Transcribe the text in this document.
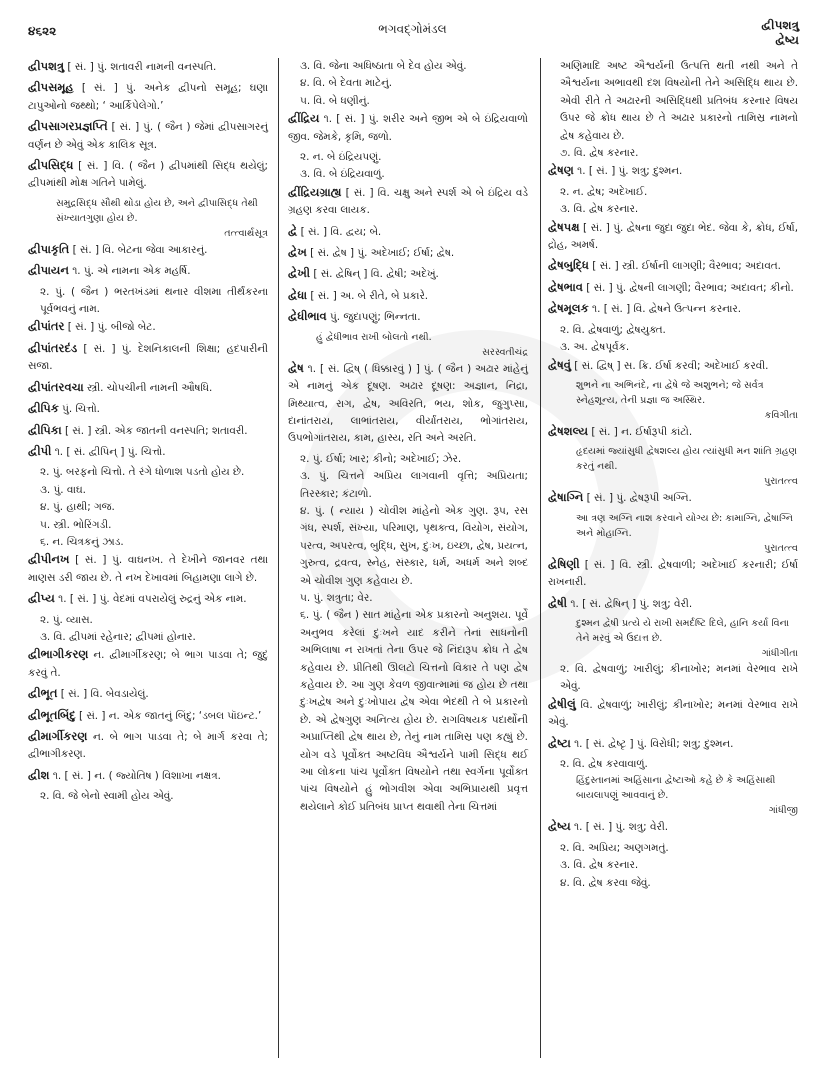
૪૬૨૨	ભગવદ્ગોમંડલ	દ્વીપશત્રુ
દ્વેષ્ય
દ્વીપશત્રુ [ સં. ] પું. શતાવરી નામની વનસ્પતિ.
દ્વીપસમૂહ [ સં. ] પું. અનેક દ્વીપનો સમૂહ; ઘણા ટાપુઓનો જથ્થો; ‘ આર્કિપેલેગો.’
દ્વીપસાગરપ્રજ્ઞપ્તિ [ સં. ] પું. ( જૈન ) જેમાં દ્વીપસાગરનું વર્ણન છે એવું એક કાલિક સૂત્ર.
દ્વીપસિદ્ધ [ સં. ] વિ. ( જૈન ) દ્વીપમાંથી સિદ્ધ થયેલું; દ્વીપમાંથી મોક્ષ ગતિને પામેલું.
સમુદ્રસિદ્ધ સૌથી થોડા હોય છે, અને દ્વીપાસિદ્ધ તેથી સંખ્યાતગુણા હોય છે.
તત્ત્વાર્થસૂત્ર
દ્વીપાકૃતિ [ સં. ] વિ. બેટના જેવા આકારનું.
દ્વીપાયન ૧. પું. એ નામના એક મહર્ષિ.
૨. પું. ( જૈન ) ભરતખંડમાં થનાર વીશમા તીર્થંકરના પૂર્વભવનું નામ.
દ્વીપાંતર [ સં. ] પું. બીજો બેટ.
દ્વીપાંતરદંડ [ સં. ] પું. દેશનિકાલની શિક્ષા; હદપારીની સજા.
દ્વીપાંતરવચા સ્ત્રી. ચોપચીની નામની ઔષધિ.
દ્વીપિક પું. ચિત્તો.
દ્વીપિકા [ સં. ] સ્ત્રી. એક જાતની વનસ્પતિ; શતાવરી.
દ્વીપી ૧. [ સં. દ્વીપિન્ ] પું. ચિત્તો.
૨. પું. બરફનો ચિત્તો. તે રંગે ધોળાશ પડતો હોય છે.
૩. પું. વાઘ.
૪. પું. હાથી; ગજ.
૫. સ્ત્રી. ભોરિંગડી.
૬. ન. ચિત્રકનું ઝાડ.
દ્વીપીનખ [ સં. ] પું. વાઘનખ. તે દેખીને જાનવર તથા માણસ ડરી જાય છે. તે નખ દેખાવમાં બિહામણા લાગે છે.
દ્વીપ્ય ૧. [ સં. ] પું. વેદમાં વપરાયેલું રુદ્રનું એક નામ.
૨. પું. વ્યાસ.
૩. વિ. દ્વીપમાં રહેનાર; દ્વીપમાં હોનાર.
દ્વીભાગીકરણ ન. દ્વીમાર્ગીકરણ; બે ભાગ પાડવા તે; જુદું કરવું તે.
દ્વીભૂત [ સં. ] વિ. બેવડાયેલું.
દ્વીભૂતબિંદુ [ સં. ] ન. એક જાતનું બિંદુ; ‘ડબલ પૉઇન્ટ.’
દ્વીમાર્ગીકરણ ન. બે ભાગ પાડવા તે; બે માર્ગ કરવા તે; દ્વીભાગીકરણ.
દ્વીશ ૧. [ સં. ] ન. ( જ્યોતિષ ) વિશાખા નક્ષત્ર.
૨. વિ. જે બેનો સ્વામી હોય એવું.
૩. વિ. જેના અધિષ્ઠાતા બે દેવ હોય એવું.
૪. વિ. બે દેવતા માટેનું.
૫. વિ. બે ધણીનું.
દ્વીંદ્રિય ૧. [ સં. ] પું. શરીર અને જીભ એ બે ઇંદ્રિયવાળો જીવ. જેમકે, કૃમિ, જળો.
૨. ન. બે ઇંદ્રિયપણું.
૩. વિ. બે ઇંદ્રિયવાળું.
દ્વીંદ્રિયગ્રાહ્ય [ સં. ] વિ. ચક્ષુ અને સ્પર્શ એ બે ઇંદ્રિય વડે ગ્રહણ કરવા લાયક.
દ્વે [ સં. ] વિ. દ્વય; બે.
દ્વેખ [ સં. દ્વેષ ] પું. અદેખાઈ; ઈર્ષા; દ્વેષ.
દ્વેખી [ સં. દ્વેષિન્ ] વિ. દ્વેષી; અદેખું.
દ્વેધા [ સં. ] અ. બે રીતે, બે પ્રકારે.
દ્વેધીભાવ પું. જુદાપણું; ભિન્નતા.
હું દ્વેધીભાવ રાખી બોલતો નથી.
સરસ્વતીચંદ્ર
દ્વેષ ૧. [ સં. દ્વિષ્ ( ધિક્કારવું ) ] પું. ( જૈન ) અઢાર માંહેનું એ નામનું એક દૂષણ. અઢાર દૂષણ: અજ્ઞાન, નિદ્રા, મિથ્યાત્વ, રાગ, દ્વેષ, અવિરતિ, ભય, શોક, જુગુપ્સા, દાનાંતરાય, લાભાંતરાય, વીર્યાંતરાય, ભોગાંતરાય, ઉપભોગાંતરાય, કામ, હાસ્ય, રતિ અને અરતિ.
૨. પું. ઈર્ષા; ખાર; કીનો; અદેખાઈ; ઝેર.
૩. પું. ચિત્તને અપ્રિય લાગવાની વૃત્તિ; અપ્રિયતા; તિરસ્કાર; કંટાળો.
૪. પું. ( ન્યાય ) ચોવીશ માંહેનો એક ગુણ. રૂપ, રસ ગંધ, સ્પર્શ, સંખ્યા, પરિમાણ, પૃથક્ત્વ, વિયોગ, સંયોગ, પરત્વ, અપરત્વ, બુદ્ધિ, સુખ, દુઃખ, ઇચ્છા, દ્વેષ, પ્રયત્ન, ગુરુત્વ, દ્રવત્વ, સ્નેહ, સંસ્કાર, ધર્મ, અધર્મ અને શબ્દ એ ચોવીશ ગુણ કહેવાય છે.
૫. પું. શત્રુતા; વેર.
૬. પું. ( જૈન ) સાત માંહેના એક પ્રકારનો અનુશય. પૂર્વે અનુભવ કરેલાં દુઃખને યાદ કરીને તેનાં સાધનોની અભિલાષા ન રાખતાં તેના ઉપર જે નિંદારૂપ ક્રોધ તે દ્વેષ કહેવાય છે. પ્રીતિથી ઊલટો ચિત્તનો વિકાર તે પણ દ્વેષ કહેવાય છે. આ ગુણ કેવળ જીવાત્મામાં જ હોય છે તથા દુઃખદ્વેષ અને દુઃખોપાય દ્વેષ એવા ભેદથી તે બે પ્રકારનો છે. એ દ્વેષગુણ અનિત્ય હોય છે. રાગવિષયક પદાર્થોની અપ્રાપ્તિથી દ્વેષ થાય છે, તેનું નામ તામિસ્ર પણ કહ્યું છે. યોગ વડે પૂર્વોક્ત અષ્ટવિધ ઐશ્વર્યને પામી સિદ્ધ થઈ આ લોકના પાંચ પૂર્વોક્ત વિષયોને તથા સ્વર્ગના પૂર્વોક્ત પાંચ વિષયોને હું ભોગવીશ એવા અભિપ્રાયથી પ્રવૃત્ત થયેલાને કોઈ પ્રતિબંધ પ્રાપ્ત થવાથી તેના ચિત્તમાં
અણિમાદિ અષ્ટ ઐશ્વર્યની ઉત્પત્તિ થતી નથી અને તે ઐશ્વર્યના અભાવથી દશ વિષયોની તેને અસિદ્ધિ થાય છે. એવી રીતે તે અઢારની અસિદ્ધિથી પ્રતિબંધ કરનાર વિષય ઉપર જે ક્રોધ થાય છે તે અઢાર પ્રકારનો તામિસ્ર નામનો દ્વેષ કહેવાય છે.
૭. વિ. દ્વેષ કરનાર.
દ્વેષણ ૧. [ સં. ] પું. શત્રુ; દુશ્મન.
૨. ન. દ્વેષ; અદેખાઈ.
૩. વિ. દ્વેષ કરનાર.
દ્વેષપક્ષ [ સં. ] પું. દ્વેષના જુદા જુદા ભેદ. જેવા કે, ક્રોધ, ઈર્ષા, દ્રોહ, અમર્ષ.
દ્વેષબુદ્ધિ [ સં. ] સ્ત્રી. ઈર્ષાની લાગણી; વૈરભાવ; અદાવત.
દ્વેષભાવ [ સં. ] પું. દ્વેષની લાગણી; વૈરભાવ; અદાવત; કીનો.
દ્વેષમૂલક ૧. [ સં. ] વિ. દ્વેષને ઉત્પન્ન કરનાર.
૨. વિ. દ્વેષવાળું; દ્વેષયુક્ત.
૩. અ. દ્વેષપૂર્વક.
દ્વેષવું [ સં. દ્વિષ્ ] સ. ક્રિ. ઈર્ષા કરવી; અદેખાઈ કરવી.
શુભને ના અભિનંદે, ના દ્વેષે જે અશુભને; જે સર્વત્ર સ્નેહશૂન્ય, તેની પ્રજ્ઞા જ અસ્થિર.
કવિગીતા
દ્વેષશલ્ય [ સં. ] ન. ઈર્ષારૂપી કાંટો.
હૃદયમાં જ્યાંસુધી દ્વેષશલ્ય હોય ત્યાંસુધી મન શાંતિ ગ્રહણ કરતું નથી.
પુરાતત્ત્વ
દ્વેષાગ્નિ [ સં. ] પું. દ્વેષરૂપી અગ્નિ.
આ ત્રણ અગ્નિ નાશ કરવાને યોગ્ય છે: કામાગ્નિ, દ્વેષાગ્નિ અને મોહાગ્નિ.
પુરાતત્ત્વ
દ્વેષિણી [ સં. ] વિ. સ્ત્રી. દ્વેષવાળી; અદેખાઈ કરનારી; ઈર્ષા રાખનારી.
દ્વેષી ૧. [ સં. દ્વેષિન્ ] પું. શત્રુ; વેરી.
દુશ્મન દ્વેષી પ્રત્યે યે રાખી સમર્દષ્ટિ દિલે, હાનિ કર્યા વિના તેને મરવું એ ઉદાત્ત છે.
ગાંધીગીતા
૨. વિ. દ્વેષવાળું; ખારીલું; કીનાખોર; મનમાં વેરભાવ રાખે એવું.
દ્વેષીલું વિ. દ્વેષવાળું; ખારીલું; કીનાખોર; મનમાં વેરભાવ રાખે એવું.
દ્વેષ્ટા ૧. [ સં. દ્વેષ્ટૃ ] પું. વિરોધી; શત્રુ; દુશ્મન.
૨. વિ. દ્વેષ કરવાવાળું.
હિંદુસ્તાનમાં અહિંસાના દ્વેષ્ટાઓ કહે છે કે અહિંસાથી બાયલાપણું આવવાનું છે.
ગાંધીજી
દ્વેષ્ય ૧. [ સં. ] પું. શત્રુ; વેરી.
૨. વિ. અપ્રિય; અણગમતું.
૩. વિ. દ્વેષ કરનાર.
૪. વિ. દ્વેષ કરવા જેવું.
